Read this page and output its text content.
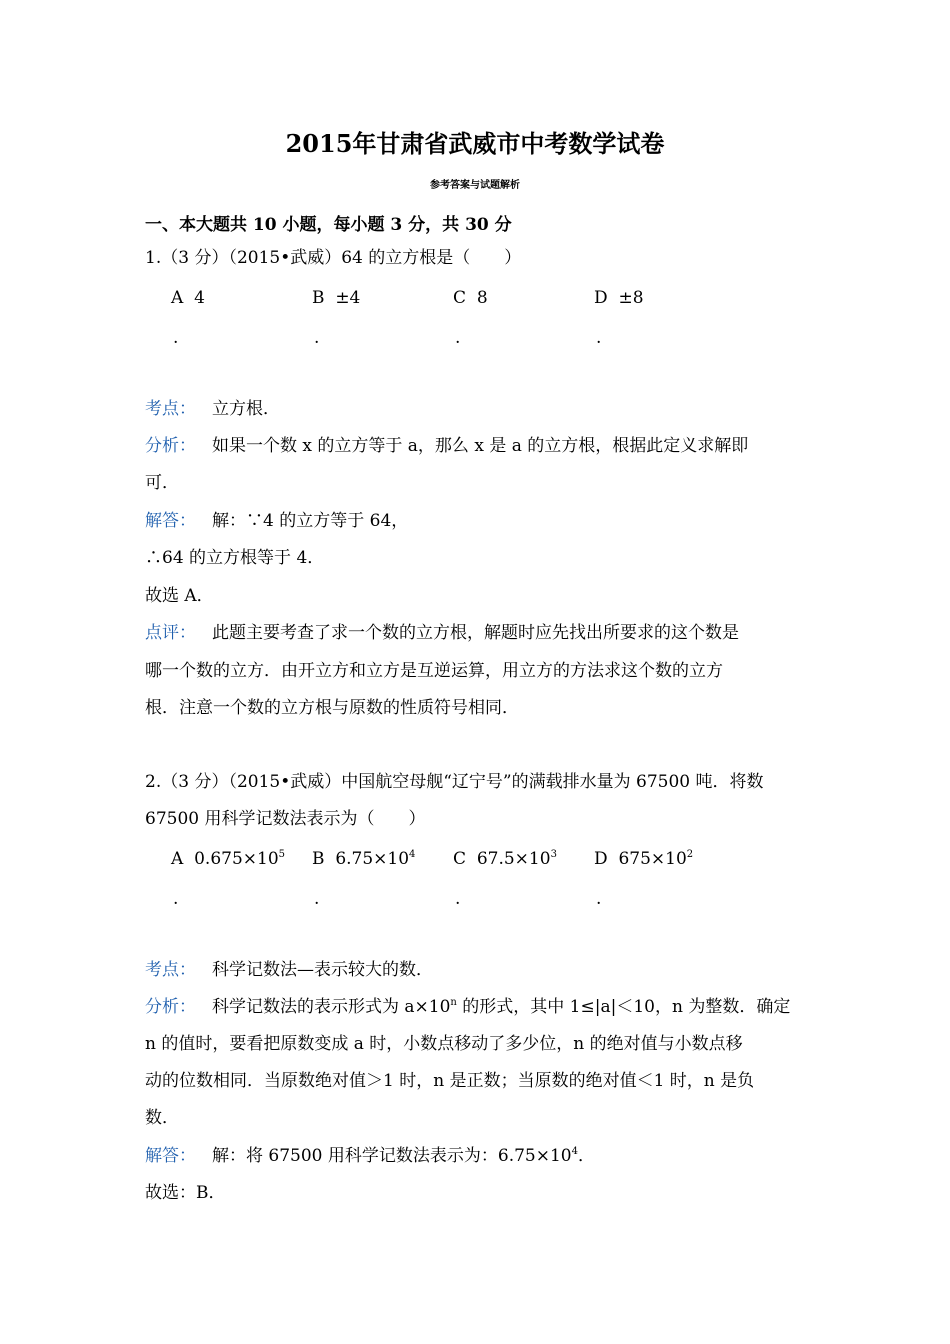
2015年甘肃省武威市中考数学试卷
参考答案与试题解析
一、本大题共 10 小题，每小题 3 分，共 30 分
1.（3 分）（2015•武威）64 的立方根是（　　）
A 4	B ±4	C 8	D ±8
.	.	.	.
考点： 立方根．
分析： 如果一个数 x 的立方等于 a，那么 x 是 a 的立方根，根据此定义求解即
可．
解答： 解：∵4 的立方等于 64，
∴64 的立方根等于 4．
故选 A．
点评： 此题主要考查了求一个数的立方根，解题时应先找出所要求的这个数是
哪一个数的立方．由开立方和立方是互逆运算，用立方的方法求这个数的立方
根．注意一个数的立方根与原数的性质符号相同．
2.（3 分）（2015•武威）中国航空母舰“辽宁号”的满载排水量为 67500 吨．将数
67500 用科学记数法表示为（　　）
A $0.675\times 10^5$ B $6.75\times 10^4$ C $67.5\times 10^3$ D $675\times 10^2$
.	.	.	.
考点： 科学记数法—表示较大的数．
分析： 科学记数法的表示形式为 $a\times 10^n$ 的形式，其中 1≤|a|＜10，n 为整数．确定
n 的值时，要看把原数变成 a 时，小数点移动了多少位，n 的绝对值与小数点移
动的位数相同．当原数绝对值＞1 时，n 是正数；当原数的绝对值＜1 时，n 是负
数．
解答： 解：将 67500 用科学记数法表示为：$6.75\times 10^4$．
故选：B．
